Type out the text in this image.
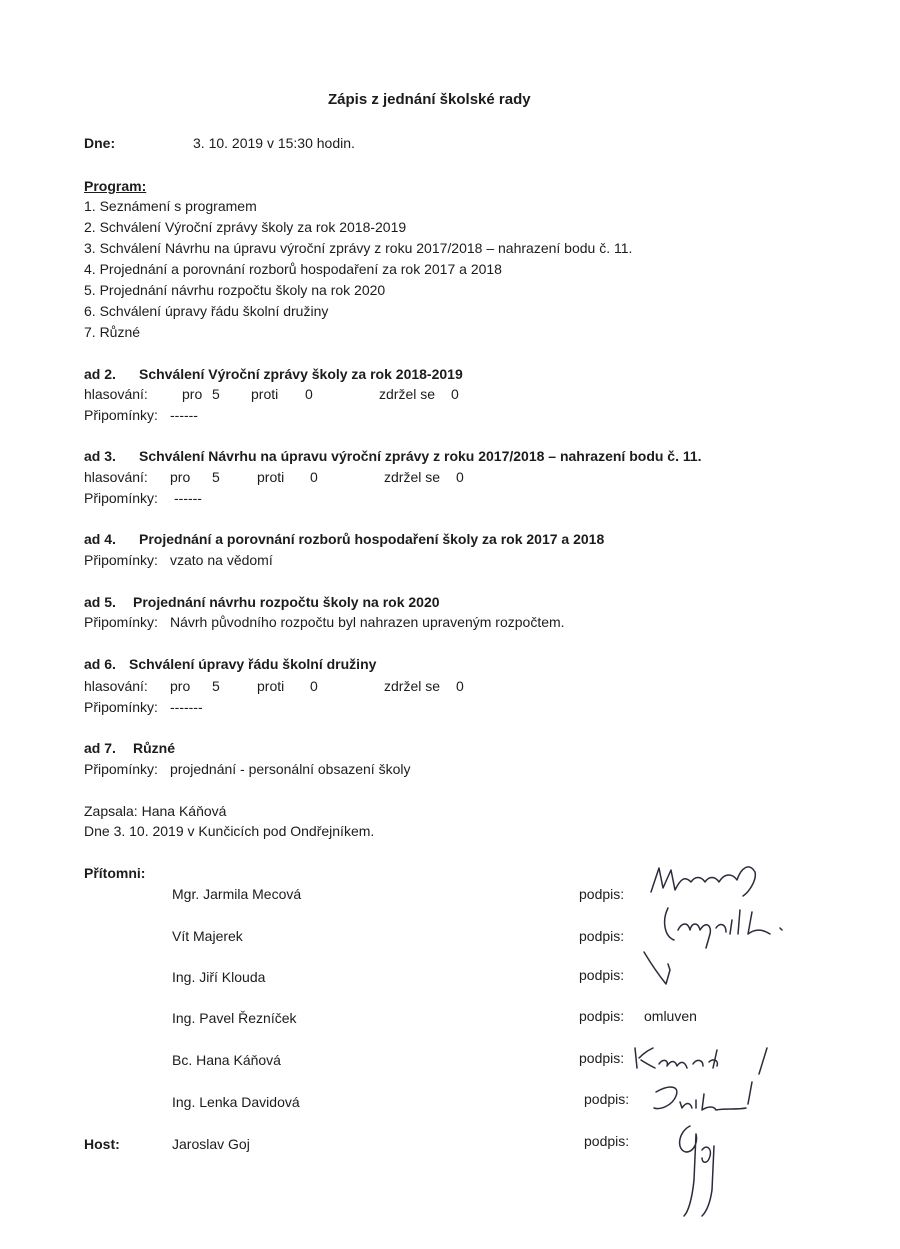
Zápis z jednání školské rady
Dne:	3. 10. 2019 v 15:30 hodin.
Program:
1. Seznámení s programem
2. Schválení Výroční zprávy školy za rok 2018-2019
3. Schválení Návrhu na úpravu výroční zprávy z roku 2017/2018 – nahrazení bodu č. 11.
4. Projednání a porovnání rozborů hospodaření za rok 2017 a 2018
5. Projednání návrhu rozpočtu školy na rok 2020
6. Schválení úpravy řádu školní družiny
7. Různé
ad 2. Schválení Výroční zprávy školy za rok 2018-2019
hlasování: pro 5 proti 0	zdržel se 0
Připomínky: ------
ad 3. Schválení Návrhu na úpravu výroční zprávy z roku 2017/2018 – nahrazení bodu č. 11.
hlasování: pro 5	proti 0	zdržel se 0
Připomínky: ------
ad 4. Projednání a porovnání rozborů hospodaření školy za rok 2017 a 2018
Připomínky: vzato na vědomí
ad 5. Projednání návrhu rozpočtu školy na rok 2020
Připomínky: Návrh původního rozpočtu byl nahrazen upraveným rozpočtem.
ad 6. Schválení úpravy řádu školní družiny
hlasování: pro 5	proti 0	zdržel se 0
Připomínky: -------
ad 7. Různé
Připomínky: projednání - personální obsazení školy
Zapsala: Hana Káňová
Dne 3. 10. 2019 v Kunčicích pod Ondřejníkem.
Přítomni:
Mgr. Jarmila Mecová	podpis:
Vít Majerek	podpis:
Ing. Jiří Klouda	podpis:
Ing. Pavel Řezníček	podpis: omluven
Bc. Hana Káňová	podpis:
Ing. Lenka Davidová	podpis:
Host:	Jaroslav Goj	podpis:
